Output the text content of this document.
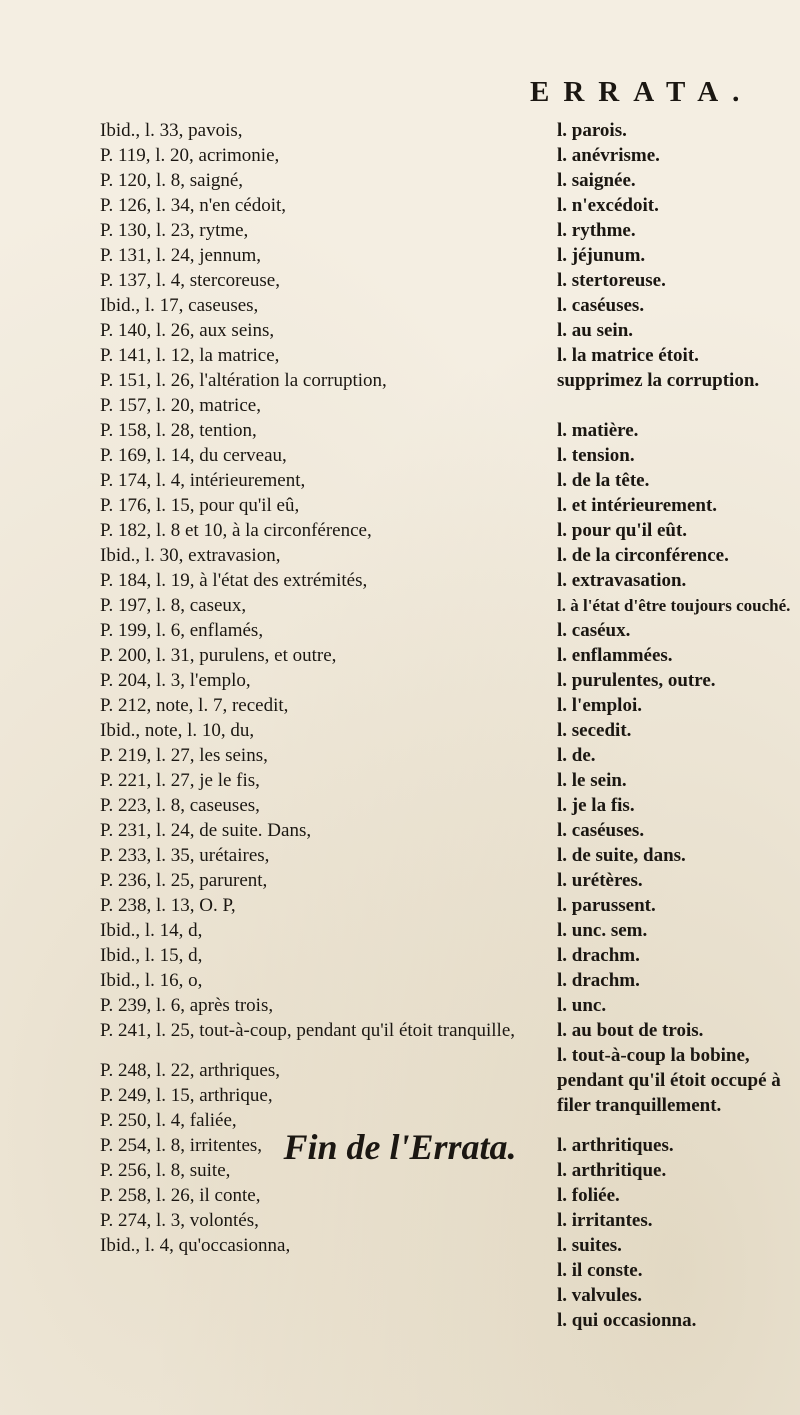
ERRATA.
Ibid., l. 33, pavois,
P. 119, l. 20, acrimonie,
P. 120, l. 8, saigné,
P. 126, l. 34, n'en cédoit,
P. 130, l. 23, rytme,
P. 131, l. 24, jennum,
P. 137, l. 4, stercoreuse,
Ibid., l. 17, caseuses,
P. 140, l. 26, aux seins,
P. 141, l. 12, la matrice,
P. 151, l. 26, l'altération la corruption,
P. 157, l. 20, matrice,
P. 158, l. 28, tention,
P. 169, l. 14, du cerveau,
P. 174, l. 4, intérieurement,
P. 176, l. 15, pour qu'il eû,
P. 182, l. 8 et 10, à la circonférence,
Ibid., l. 30, extravasion,
P. 184, l. 19, à l'état des extrémités,
P. 197, l. 8, caseux,
P. 199, l. 6, enflamés,
P. 200, l. 31, purulens, et outre,
P. 204, l. 3, l'emplo,
P. 212, note, l. 7, recedit,
Ibid., note, l. 10, du,
P. 219, l. 27, les seins,
P. 221, l. 27, je le fis,
P. 223, l. 8, caseuses,
P. 231, l. 24, de suite. Dans,
P. 233, l. 35, urétaires,
P. 236, l. 25, parurent,
P. 238, l. 13, O. P,
Ibid., l. 14, d,
Ibid., l. 15, d,
Ibid., l. 16, o,
P. 239, l. 6, après trois,
P. 241, l. 25, tout-à-coup, pendant qu'il étoit tranquille,
P. 248, l. 22, arthriques,
P. 249, l. 15, arthrique,
P. 250, l. 4, faliée,
P. 254, l. 8, irritentes,
P. 256, l. 8, suite,
P. 258, l. 26, il conte,
P. 274, l. 3, volontés,
Ibid., l. 4, qu'occasionna,
l. parois.
l. anévrisme.
l. saignée.
l. n'excédoit.
l. rythme.
l. jéjunum.
l. stertoreuse.
l. caséuses.
l. au sein.
l. la matrice étoit.
supprimez la corruption.
l. matière.
l. tension.
l. de la tête.
l. et intérieurement.
l. pour qu'il eût.
l. de la circonférence.
l. extravasation.
l. à l'état d'être toujours couché.
l. caséux.
l. enflammées.
l. purulentes, outre.
l. l'emploi.
l. secedit.
l. de.
l. le sein.
l. je la fis.
l. caséuses.
l. de suite, dans.
l. urétères.
l. parussent.
l. unc. sem.
l. drachm.
l. drachm.
l. unc.
l. au bout de trois.
l. tout-à-coup la bobine, pendant qu'il étoit occupé à filer tranquillement.
l. arthritiques.
l. arthritique.
l. foliée.
l. irritantes.
l. suites.
l. il conste.
l. valvules.
l. qui occasionna.
Fin de l'Errata.
